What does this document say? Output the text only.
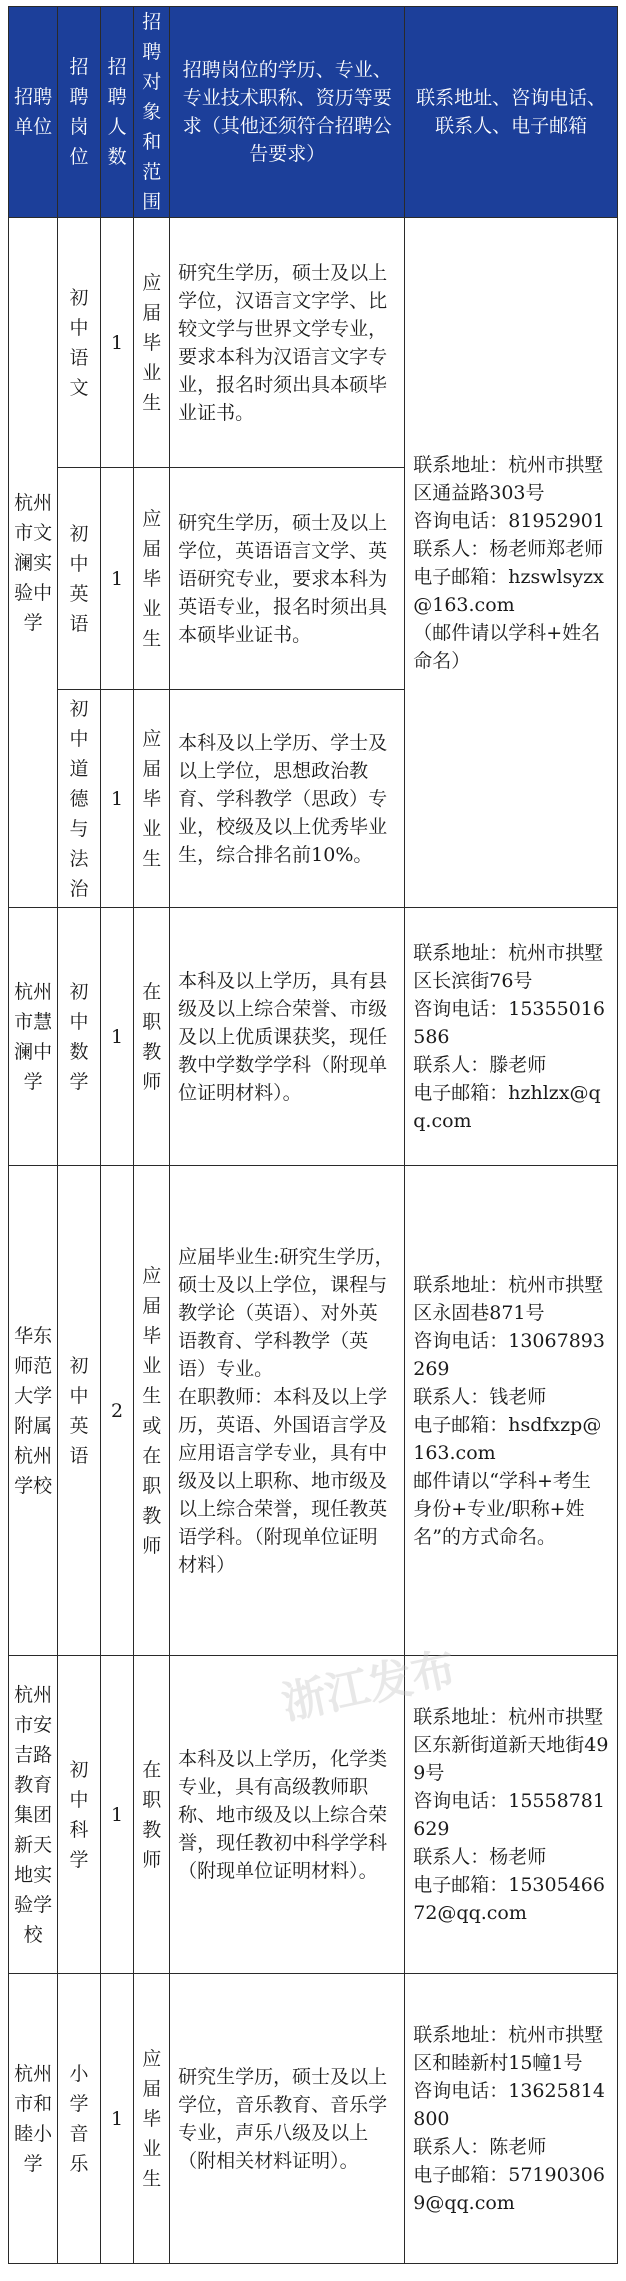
招聘单位	招聘岗位	招聘人数	招聘对象和范围	招聘岗位的学历、专业、专业技术职称、资历等要求（其他还须符合招聘公告要求）	联系地址、咨询电话、联系人、电子邮箱

杭州市文澜实验中学	初中语文	1	应届毕业生	研究生学历，硕士及以上学位，汉语言文字学、比较文学与世界文学专业，要求本科为汉语言文字专业，报名时须出具本硕毕业证书。	联系地址：杭州市拱墅区通益路303号
咨询电话：81952901
联系人：杨老师郑老师
电子邮箱：hzswlsyzx@163.com
（邮件请以学科+姓名命名）

	初中英语	1	应届毕业生	研究生学历，硕士及以上学位，英语语言文学、英语研究专业，要求本科为英语专业，报名时须出具本硕毕业证书。	

	初中道德与法治	1	应届毕业生	本科及以上学历、学士及以上学位，思想政治教育、学科教学（思政）专业，校级及以上优秀毕业生，综合排名前10%。	

杭州市慧澜中学	初中数学	1	在职教师	本科及以上学历，具有县级及以上综合荣誉、市级及以上优质课获奖，现任教中学数学学科（附现单位证明材料）。	联系地址：杭州市拱墅区长滨街76号
咨询电话：15355016586
联系人：滕老师
电子邮箱：hzhlzx@qq.com

华东师范大学附属杭州学校	初中英语	2	应届毕业生或在职教师	应届毕业生:研究生学历，硕士及以上学位，课程与教学论（英语）、对外英语教育、学科教学（英语）专业。
在职教师：本科及以上学历，英语、外国语言学及应用语言学专业，具有中级及以上职称、地市级及以上综合荣誉，现任教英语学科。（附现单位证明材料）	联系地址：杭州市拱墅区永固巷871号
咨询电话：13067893269
联系人：钱老师
电子邮箱：hsdfxzp@163.com
邮件请以“学科+考生身份+专业/职称+姓名”的方式命名。

杭州市安吉路教育集团新天地实验学校	初中科学	1	在职教师	本科及以上学历，化学类专业，具有高级教师职称、地市级及以上综合荣誉，现任教初中科学学科（附现单位证明材料）。	联系地址：杭州市拱墅区东新街道新天地街499号
咨询电话：15558781629
联系人：杨老师
电子邮箱：1530546672@qq.com

杭州市和睦小学	小学音乐	1	应届毕业生	研究生学历，硕士及以上学位，音乐教育、音乐学专业，声乐八级及以上（附相关材料证明）。	联系地址：杭州市拱墅区和睦新村15幢1号
咨询电话：13625814800
联系人：陈老师
电子邮箱：571903069@qq.com
浙江发布
